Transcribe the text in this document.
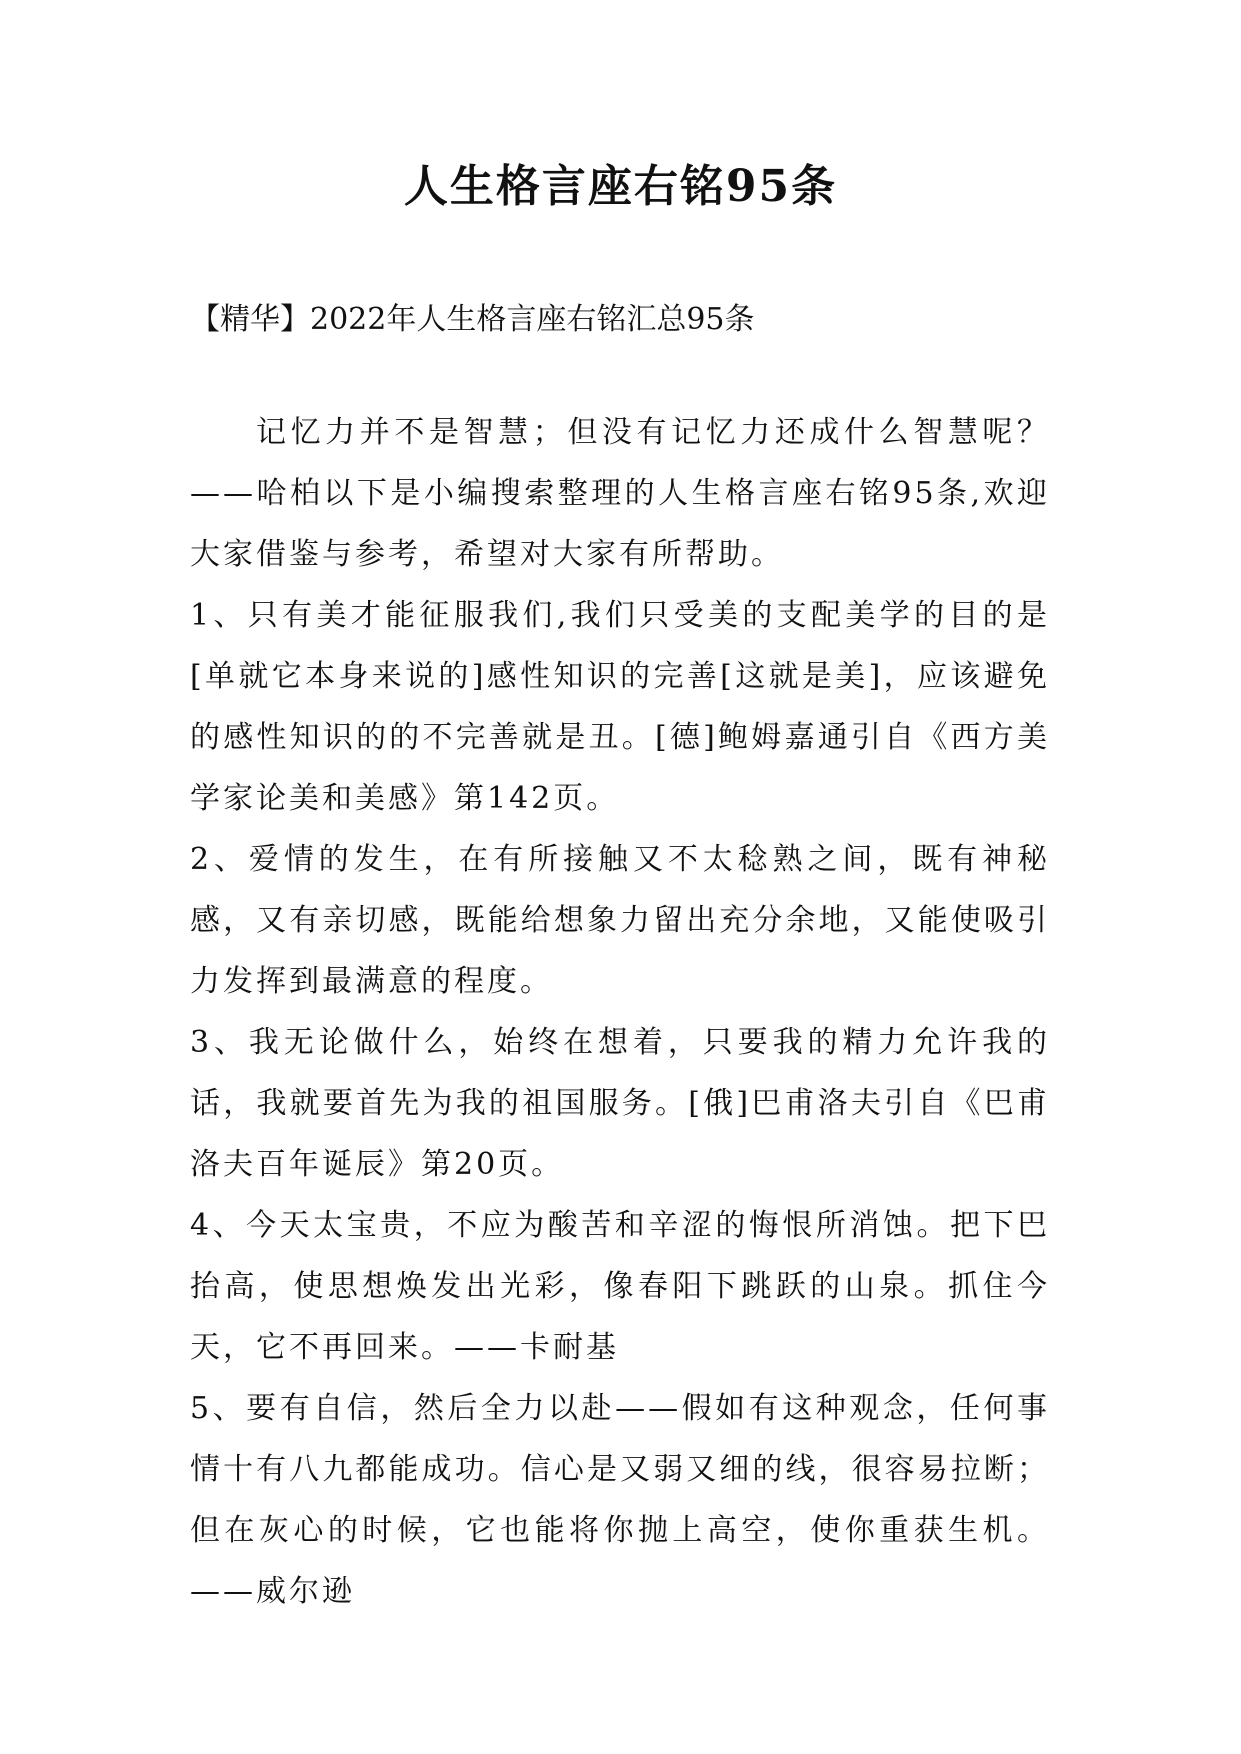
人生格言座右铭95条
【精华】2022年人生格言座右铭汇总95条

记忆力并不是智慧；但没有记忆力还成什么智慧呢？——哈柏以下是小编搜索整理的人生格言座右铭95条,欢迎大家借鉴与参考，希望对大家有所帮助。

1、只有美才能征服我们,我们只受美的支配美学的目的是[单就它本身来说的]感性知识的完善[这就是美]，应该避免的感性知识的的不完善就是丑。[德]鲍姆嘉通引自《西方美学家论美和美感》第142页。

2、爱情的发生，在有所接触又不太稔熟之间，既有神秘感，又有亲切感，既能给想象力留出充分余地，又能使吸引力发挥到最满意的程度。

3、我无论做什么，始终在想着，只要我的精力允许我的话，我就要首先为我的祖国服务。[俄]巴甫洛夫引自《巴甫洛夫百年诞辰》第20页。

4、今天太宝贵，不应为酸苦和辛涩的悔恨所消蚀。把下巴抬高，使思想焕发出光彩，像春阳下跳跃的山泉。抓住今天，它不再回来。——卡耐基

5、要有自信，然后全力以赴——假如有这种观念，任何事情十有八九都能成功。信心是又弱又细的线，很容易拉断；但在灰心的时候，它也能将你抛上高空，使你重获生机。——威尔逊
